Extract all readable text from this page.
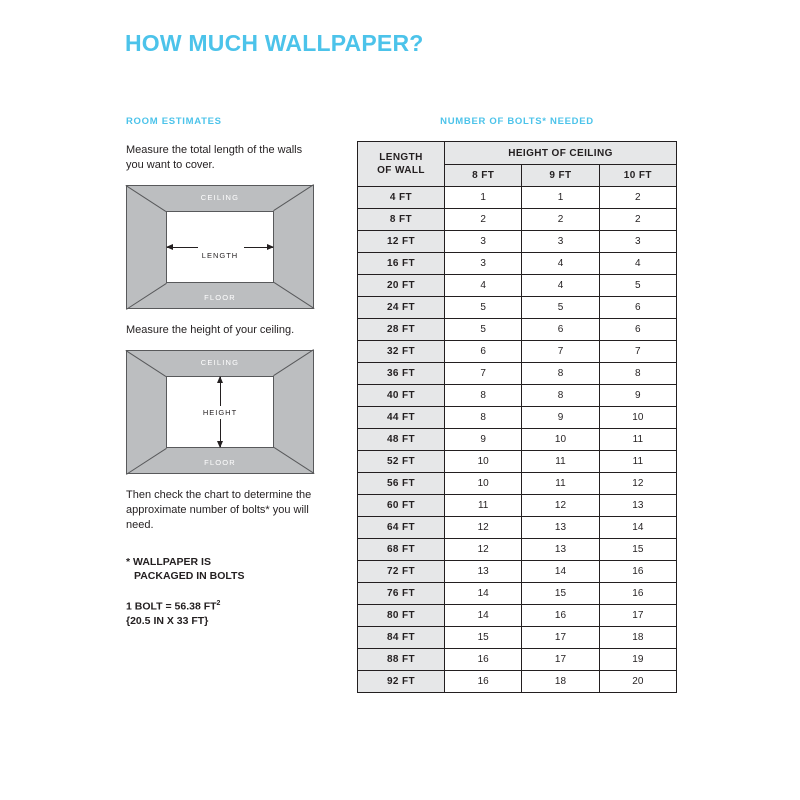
HOW MUCH WALLPAPER?
ROOM ESTIMATES
Measure the total length of the walls you want to cover.
CEILING
FLOOR
LENGTH
Measure the height of your ceiling.
CEILING
FLOOR
HEIGHT
Then check the chart to determine the approximate number of bolts* you will need.
* WALLPAPER IS
PACKAGED IN BOLTS
1 BOLT = 56.38 $FT^2$
{20.5 IN X 33 FT}
NUMBER OF BOLTS* NEEDED
LENGTH
OF WALL	HEIGHT OF CEILING		
	8 FT	9 FT	10 FT
4 FT	1	1	2
8 FT	2	2	2
12 FT	3	3	3
16 FT	3	4	4
20 FT	4	4	5
24 FT	5	5	6
28 FT	5	6	6
32 FT	6	7	7
36 FT	7	8	8
40 FT	8	8	9
44 FT	8	9	10
48 FT	9	10	11
52 FT	10	11	11
56 FT	10	11	12
60 FT	11	12	13
64 FT	12	13	14
68 FT	12	13	15
72 FT	13	14	16
76 FT	14	15	16
80 FT	14	16	17
84 FT	15	17	18
88 FT	16	17	19
92 FT	16	18	20
